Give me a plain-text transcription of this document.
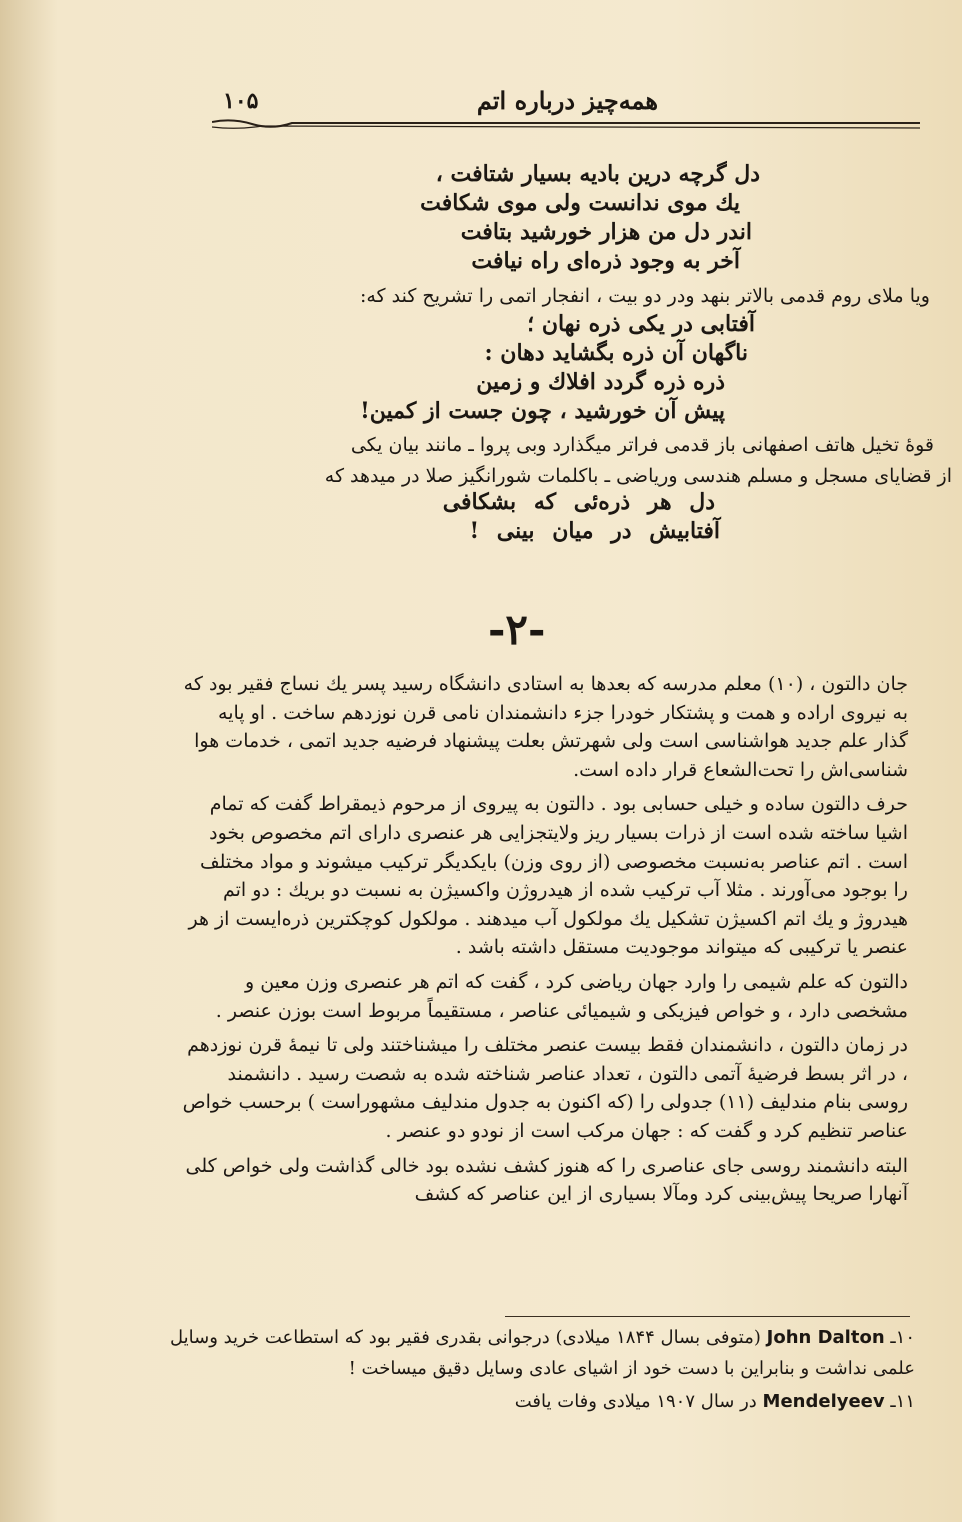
همه‌چیز درباره اتم
۱۰۵
دل گرچه درین بادیه بسیار شتافت ،
یك موی ندانست ولی موی شکافت
اندر دل من هزار خورشید بتافت
آخر به وجود ذره‌ای راه نیافت
ویا ملای روم قدمی بالاتر بنهد ودر دو بیت ، انفجار اتمی را تشریح کند که:
آفتابی در یکی ذره نهان ؛
ناگهان آن ذره بگشاید دهان :
ذره ذره گردد افلاك و زمین
پیش آن خورشید ، چون جست از کمین!
قوهٔ تخیل هاتف اصفهانی باز قدمی فراتر میگذارد وبی پروا ـ مانند بیان یکی
از قضایای مسجل و مسلم هندسی وریاضی ـ باکلمات شورانگیز صلا در میدهد که
دل هر ذره‌ئی که بشکافی
آفتابیش در میان بینی !
-۲-

جان دالتون ، (۱۰) معلم مدرسه که بعدها به استادی دانشگاه رسید پسر یك نساج فقیر بود که به نیروی اراده و همت و پشتکار خودرا جزء دانشمندان نامی قرن نوزدهم ساخت . او پایه گذار علم جدید هواشناسی است ولی شهرتش بعلت پیشنهاد فرضیه جدید اتمی ، خدمات هوا شناسی‌اش را تحت‌الشعاع قرار داده است.

حرف دالتون ساده و خیلی حسابی بود . دالتون به پیروی از مرحوم ذیمقراط گفت که تمام اشیا ساخته شده است از ذرات بسیار ریز ولایتجزایی هر عنصری دارای اتم مخصوص بخود است . اتم عناصر به‌نسبت مخصوصی (از روی وزن) بایکدیگر ترکیب میشوند و مواد مختلف را بوجود می‌آورند . مثلا آب ترکیب شده از هیدروژن واکسیژن به نسبت دو بریك : دو اتم هیدروژ و یك اتم اکسیژن تشکیل یك مولکول آب میدهند . مولکول کوچکترین ذره‌ایست از هر عنصر یا ترکیبی که میتواند موجودیت مستقل داشته باشد .

دالتون که علم شیمی را وارد جهان ریاضی کرد ، گفت که اتم هر عنصری وزن معین و مشخصی دارد ، و خواص فیزیکی و شیمیائی عناصر ، مستقیماً مربوط است بوزن عنصر .

در زمان دالتون ، دانشمندان فقط بیست عنصر مختلف را میشناختند ولی تا نیمهٔ قرن نوزدهم ، در اثر بسط فرضیهٔ آتمی دالتون ، تعداد عناصر شناخته شده به شصت رسید . دانشمند روسی بنام مندلیف (۱۱) جدولی را (که اکنون به جدول مندلیف مشهوراست ) برحسب خواص عناصر تنظیم کرد و گفت که : جهان مرکب است از نودو دو عنصر .

البته دانشمند روسی جای عناصری را که هنوز کشف نشده بود خالی گذاشت ولی خواص کلی آنهارا صریحا پیش‌بینی کرد ومآلا بسیاری از این عناصر که کشف

۱۰ـ John Dalton (متوفی بسال ۱۸۴۴ میلادی) درجوانی بقدری فقیر بود که استطاعت خرید وسایل علمی نداشت و بنابراین با دست خود از اشیای عادی وسایل دقیق میساخت !

۱۱ـ Mendelyeev در سال ۱۹۰۷ میلادی وفات یافت
